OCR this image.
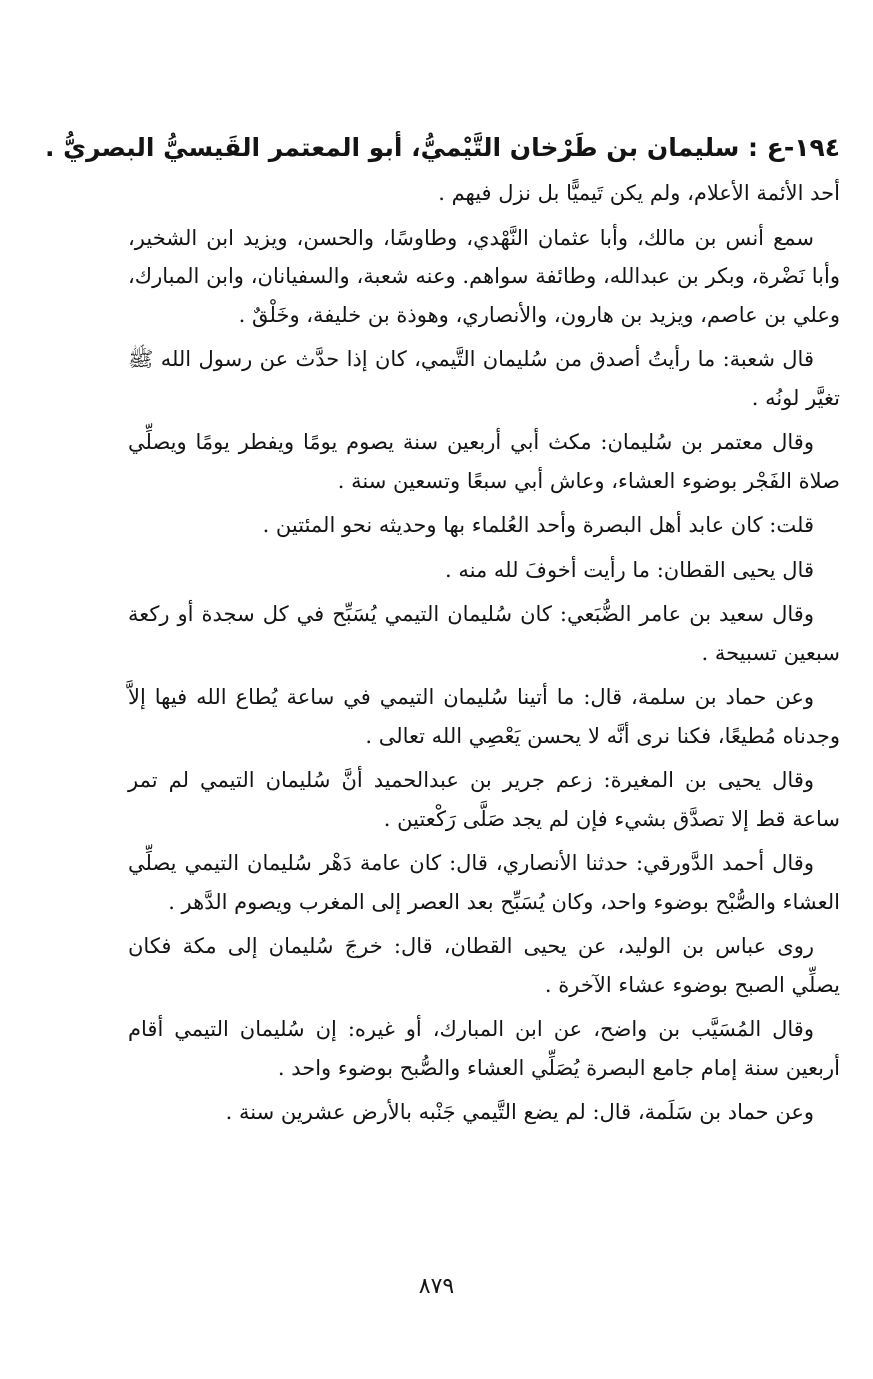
١٩٤-ع : سليمان بن طَرْخان التَّيْميُّ، أبو المعتمر القَيسيُّ البصريُّ .

أحد الأئمة الأعلام، ولم يكن تَيميًّا بل نزل فيهم .

سمع أنس بن مالك، وأبا عثمان النَّهْدي، وطاوسًا، والحسن، ويزيد ابن الشخير، وأبا نَضْرة، وبكر بن عبدالله، وطائفة سواهم. وعنه شعبة، والسفيانان، وابن المبارك، وعلي بن عاصم، ويزيد بن هارون، والأنصاري، وهوذة بن خليفة، وخَلْقٌ .

قال شعبة: ما رأيتُ أصدق من سُليمان التَّيمي، كان إذا حدَّث عن رسول الله ﷺ تغيَّر لونُه .

وقال معتمر بن سُليمان: مكث أبي أربعين سنة يصوم يومًا ويفطر يومًا ويصلِّي صلاة الفَجْر بوضوء العشاء، وعاش أبي سبعًا وتسعين سنة .

قلت: كان عابد أهل البصرة وأحد العُلماء بها وحديثه نحو المئتين .

قال يحيى القطان: ما رأيت أخوفَ لله منه .

وقال سعيد بن عامر الضُّبَعي: كان سُليمان التيمي يُسَبِّح في كل سجدة أو ركعة سبعين تسبيحة .

وعن حماد بن سلمة، قال: ما أتينا سُليمان التيمي في ساعة يُطاع الله فيها إلاَّ وجدناه مُطيعًا، فكنا نرى أنَّه لا يحسن يَعْصِي الله تعالى .

وقال يحيى بن المغيرة: زعم جرير بن عبدالحميد أنَّ سُليمان التيمي لم تمر ساعة قط إلا تصدَّق بشيء فإن لم يجد صَلَّى رَكْعتين .

وقال أحمد الدَّورقي: حدثنا الأنصاري، قال: كان عامة دَهْر سُليمان التيمي يصلِّي العشاء والصُّبْح بوضوء واحد، وكان يُسَبِّح بعد العصر إلى المغرب ويصوم الدَّهر .

روى عباس بن الوليد، عن يحيى القطان، قال: خرجَ سُليمان إلى مكة فكان يصلِّي الصبح بوضوء عشاء الآخرة .

وقال المُسَيَّب بن واضح، عن ابن المبارك، أو غيره: إن سُليمان التيمي أقام أربعين سنة إمام جامع البصرة يُصَلِّي العشاء والصُّبح بوضوء واحد .

وعن حماد بن سَلَمة، قال: لم يضع التَّيمي جَنْبه بالأرض عشرين سنة .

٨٧٩
